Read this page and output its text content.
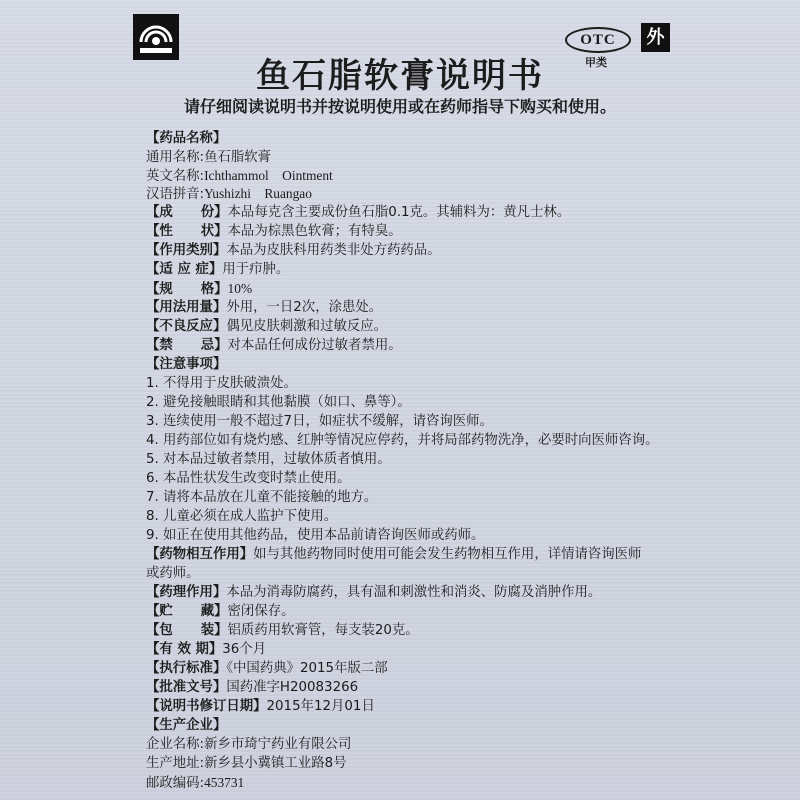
OTC
甲类
外
鱼石脂软膏说明书
请仔细阅读说明书并按说明使用或在药师指导下购买和使用。
【药品名称】
通用名称:鱼石脂软膏
英文名称:Ichthammol    Ointment
汉语拼音:Yushizhi    Ruangao
【成      份】本品每克含主要成份鱼石脂0.1克。其辅料为：黄凡士林。
【性      状】本品为棕黑色软膏；有特臭。
【作用类别】本品为皮肤科用药类非处方药药品。
【适 应 症】用于疖肿。
【规      格】10%
【用法用量】外用，一日2次，涂患处。
【不良反应】偶见皮肤刺激和过敏反应。
【禁      忌】对本品任何成份过敏者禁用。
【注意事项】
1. 不得用于皮肤破溃处。
2. 避免接触眼睛和其他黏膜（如口、鼻等）。
3. 连续使用一般不超过7日，如症状不缓解，请咨询医师。
4. 用药部位如有烧灼感、红肿等情况应停药，并将局部药物洗净，必要时向医师咨询。
5. 对本品过敏者禁用，过敏体质者慎用。
6. 本品性状发生改变时禁止使用。
7. 请将本品放在儿童不能接触的地方。
8. 儿童必须在成人监护下使用。
9. 如正在使用其他药品，使用本品前请咨询医师或药师。
【药物相互作用】如与其他药物同时使用可能会发生药物相互作用，详情请咨询医师
或药师。
【药理作用】本品为消毒防腐药，具有温和刺激性和消炎、防腐及消肿作用。
【贮      藏】密闭保存。
【包      装】铝质药用软膏管，每支装20克。
【有 效 期】36个月
【执行标准】《中国药典》2015年版二部
【批准文号】国药准字H20083266
【说明书修订日期】2015年12月01日
【生产企业】
企业名称:新乡市琦宁药业有限公司
生产地址:新乡县小冀镇工业路8号
邮政编码:453731
